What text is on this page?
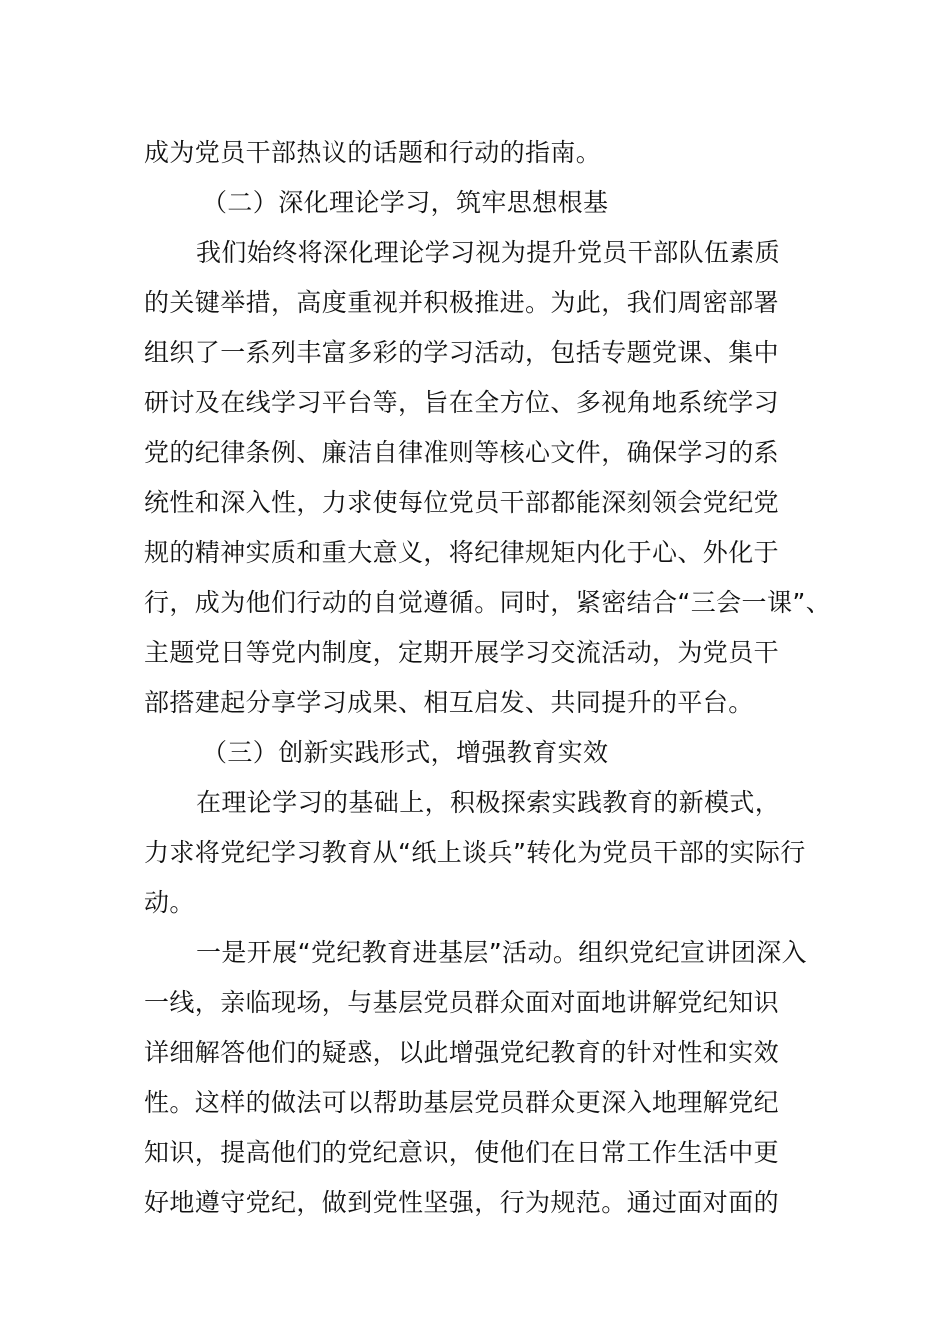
成为党员干部热议的话题和行动的指南。
（二）深化理论学习，筑牢思想根基
我们始终将深化理论学习视为提升党员干部队伍素质
的关键举措，高度重视并积极推进。为此，我们周密部署
组织了一系列丰富多彩的学习活动，包括专题党课、集中
研讨及在线学习平台等，旨在全方位、多视角地系统学习
党的纪律条例、廉洁自律准则等核心文件，确保学习的系
统性和深入性，力求使每位党员干部都能深刻领会党纪党
规的精神实质和重大意义，将纪律规矩内化于心、外化于
行，成为他们行动的自觉遵循。同时，紧密结合“三会一课”、
主题党日等党内制度，定期开展学习交流活动，为党员干
部搭建起分享学习成果、相互启发、共同提升的平台。
（三）创新实践形式，增强教育实效
在理论学习的基础上，积极探索实践教育的新模式，
力求将党纪学习教育从“纸上谈兵”转化为党员干部的实际行
动。
一是开展“党纪教育进基层”活动。组织党纪宣讲团深入
一线，亲临现场，与基层党员群众面对面地讲解党纪知识
详细解答他们的疑惑，以此增强党纪教育的针对性和实效
性。这样的做法可以帮助基层党员群众更深入地理解党纪
知识，提高他们的党纪意识，使他们在日常工作生活中更
好地遵守党纪，做到党性坚强，行为规范。通过面对面的
